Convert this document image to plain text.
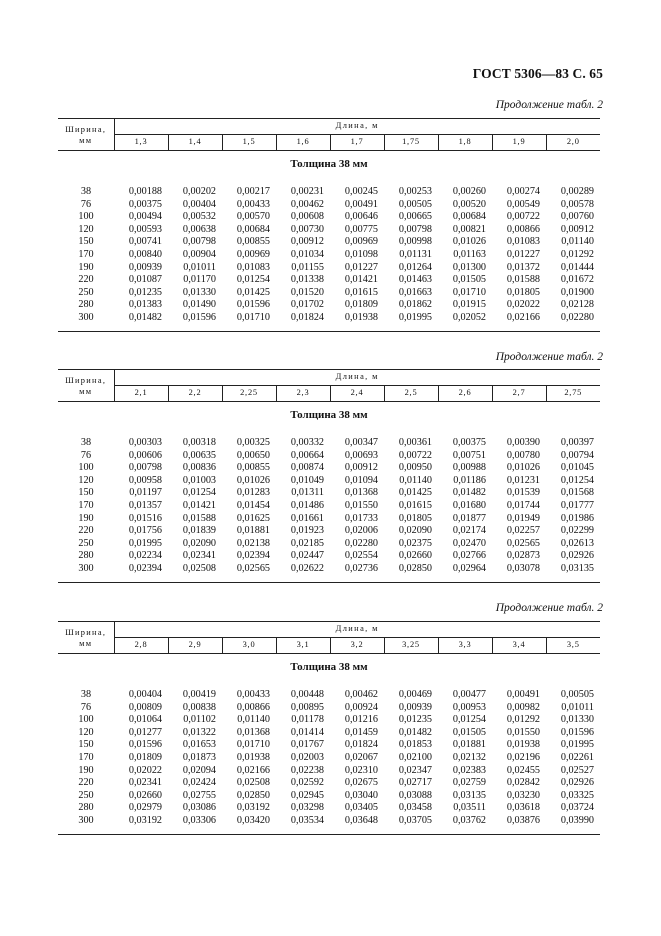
ГОСТ 5306—83 С. 65
Продолжение табл. 2
Ширина,
мм	Длина, м								
	1,3	1,4	1,5	1,6	1,7	1,75	1,8	1,9	2,0
Толщина 38 мм									

38	0,00188	0,00202	0,00217	0,00231	0,00245	0,00253	0,00260	0,00274	0,00289
76	0,00375	0,00404	0,00433	0,00462	0,00491	0,00505	0,00520	0,00549	0,00578
100	0,00494	0,00532	0,00570	0,00608	0,00646	0,00665	0,00684	0,00722	0,00760
120	0,00593	0,00638	0,00684	0,00730	0,00775	0,00798	0,00821	0,00866	0,00912
150	0,00741	0,00798	0,00855	0,00912	0,00969	0,00998	0,01026	0,01083	0,01140
170	0,00840	0,00904	0,00969	0,01034	0,01098	0,01131	0,01163	0,01227	0,01292
190	0,00939	0,01011	0,01083	0,01155	0,01227	0,01264	0,01300	0,01372	0,01444
220	0,01087	0,01170	0,01254	0,01338	0,01421	0,01463	0,01505	0,01588	0,01672
250	0,01235	0,01330	0,01425	0,01520	0,01615	0,01663	0,01710	0,01805	0,01900
280	0,01383	0,01490	0,01596	0,01702	0,01809	0,01862	0,01915	0,02022	0,02128
300	0,01482	0,01596	0,01710	0,01824	0,01938	0,01995	0,02052	0,02166	0,02280

Продолжение табл. 2
Ширина,
мм	Длина, м								
	2,1	2,2	2,25	2,3	2,4	2,5	2,6	2,7	2,75
Толщина 38 мм									

38	0,00303	0,00318	0,00325	0,00332	0,00347	0,00361	0,00375	0,00390	0,00397
76	0,00606	0,00635	0,00650	0,00664	0,00693	0,00722	0,00751	0,00780	0,00794
100	0,00798	0,00836	0,00855	0,00874	0,00912	0,00950	0,00988	0,01026	0,01045
120	0,00958	0,01003	0,01026	0,01049	0,01094	0,01140	0,01186	0,01231	0,01254
150	0,01197	0,01254	0,01283	0,01311	0,01368	0,01425	0,01482	0,01539	0,01568
170	0,01357	0,01421	0,01454	0,01486	0,01550	0,01615	0,01680	0,01744	0,01777
190	0,01516	0,01588	0,01625	0,01661	0,01733	0,01805	0,01877	0,01949	0,01986
220	0,01756	0,01839	0,01881	0,01923	0,02006	0,02090	0,02174	0,02257	0,02299
250	0,01995	0,02090	0,02138	0,02185	0,02280	0,02375	0,02470	0,02565	0,02613
280	0,02234	0,02341	0,02394	0,02447	0,02554	0,02660	0,02766	0,02873	0,02926
300	0,02394	0,02508	0,02565	0,02622	0,02736	0,02850	0,02964	0,03078	0,03135

Продолжение табл. 2
Ширина,
мм	Длина, м								
	2,8	2,9	3,0	3,1	3,2	3,25	3,3	3,4	3,5
Толщина 38 мм									

38	0,00404	0,00419	0,00433	0,00448	0,00462	0,00469	0,00477	0,00491	0,00505
76	0,00809	0,00838	0,00866	0,00895	0,00924	0,00939	0,00953	0,00982	0,01011
100	0,01064	0,01102	0,01140	0,01178	0,01216	0,01235	0,01254	0,01292	0,01330
120	0,01277	0,01322	0,01368	0,01414	0,01459	0,01482	0,01505	0,01550	0,01596
150	0,01596	0,01653	0,01710	0,01767	0,01824	0,01853	0,01881	0,01938	0,01995
170	0,01809	0,01873	0,01938	0,02003	0,02067	0,02100	0,02132	0,02196	0,02261
190	0,02022	0,02094	0,02166	0,02238	0,02310	0,02347	0,02383	0,02455	0,02527
220	0,02341	0,02424	0,02508	0,02592	0,02675	0,02717	0,02759	0,02842	0,02926
250	0,02660	0,02755	0,02850	0,02945	0,03040	0,03088	0,03135	0,03230	0,03325
280	0,02979	0,03086	0,03192	0,03298	0,03405	0,03458	0,03511	0,03618	0,03724
300	0,03192	0,03306	0,03420	0,03534	0,03648	0,03705	0,03762	0,03876	0,03990
